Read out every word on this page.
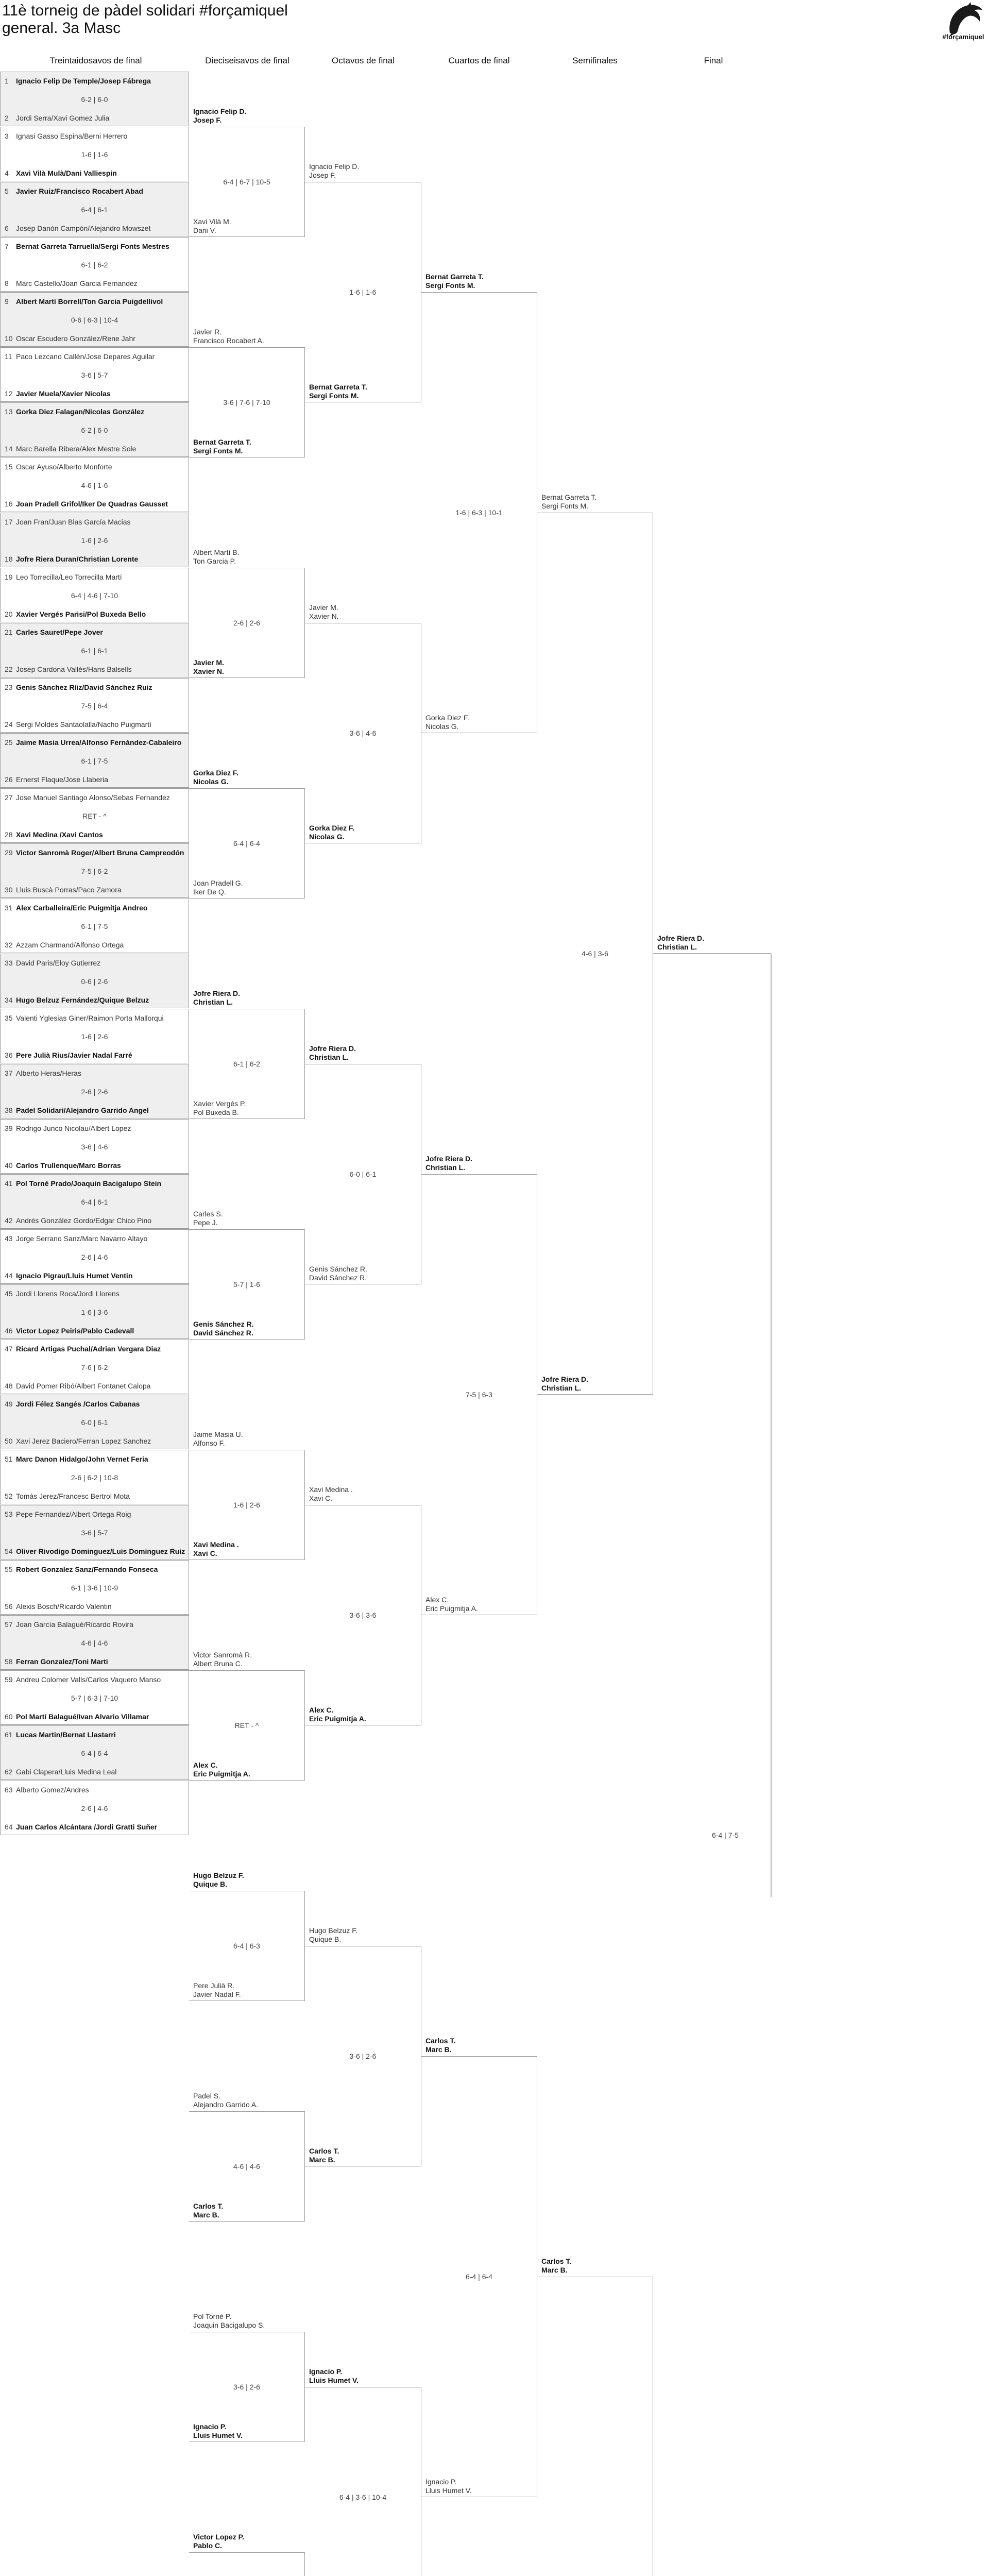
11è torneig de pàdel solidari #forçamiquel
general. 3a Masc
#forçamiquel
Treintaidosavos de final	Dieciseisavos de final	Octavos de final	Cuartos de final	Semifinales	Final
1 Ignacio Felip De Temple/Josep Fábrega
2 Jordi Serra/Xavi Gomez Julia
6-2 | 6-0
3 Ignasi Gasso Espina/Berni Herrero
4 Xavi Vilà Mulà/Dani Valliespin
1-6 | 1-6
5 Javier Ruiz/Francisco Rocabert Abad
6 Josep Danón Campón/Alejandro Mowszet
6-4 | 6-1
7 Bernat Garreta Tarruella/Sergi Fonts Mestres
8 Marc Castello/Joan Garcia Fernandez
6-1 | 6-2
9 Albert Martí Borrell/Ton Garcia Puigdellivol
10 Oscar Escudero González/Rene Jahr
0-6 | 6-3 | 10-4
11 Paco Lezcano Callén/Jose Depares Aguilar
12 Javier Muela/Xavier Nicolas
3-6 | 5-7
13 Gorka Diez Falagan/Nicolas González
14 Marc Barella Ribera/Alex Mestre Sole
6-2 | 6-0
15 Oscar Ayuso/Alberto Monforte
16 Joan Pradell Grifol/Iker De Quadras Gausset
4-6 | 1-6
17 Joan Fran/Juan Blas García Macias
18 Jofre Riera Duran/Christian Lorente
1-6 | 2-6
19 Leo Torrecilla/Leo Torrecilla Martí
20 Xavier Vergés Parisi/Pol Buxeda Bello
6-4 | 4-6 | 7-10
21 Carles Sauret/Pepe Jover
22 Josep Cardona Vallès/Hans Balsells
6-1 | 6-1
23 Genis Sánchez Ríiz/David Sánchez Ruiz
24 Sergi Moldes Santaolalla/Nacho Puigmartí
7-5 | 6-4
25 Jaime Masia Urrea/Alfonso Fernández-Cabaleiro
26 Ernerst Flaque/Jose Llaberia
6-1 | 7-5
27 Jose Manuel Santiago Alonso/Sebas Fernandez
28 Xavi Medina /Xavi Cantos
RET - ^
29 Victor Sanromà Roger/Albert Bruna Campreodón
30 Lluis Buscà Porras/Paco Zamora
7-5 | 6-2
31 Alex Carballeira/Eric Puigmitja Andreo
32 Azzam Charmand/Alfonso Ortega
6-1 | 7-5
33 David Paris/Eloy Gutierrez
34 Hugo Belzuz Fernández/Quique Belzuz
0-6 | 2-6
35 Valenti Yglesias Giner/Raimon Porta Mallorqui
36 Pere Julià Rius/Javier Nadal Farré
1-6 | 2-6
37 Alberto Heras/Heras
38 Padel Solidari/Alejandro Garrido Angel
2-6 | 2-6
39 Rodrigo Junco Nicolau/Albert Lopez
40 Carlos Trullenque/Marc Borras
3-6 | 4-6
41 Pol Torné Prado/Joaquin Bacigalupo Stein
42 Andrés González Gordo/Edgar Chico Pino
6-4 | 6-1
43 Jorge Serrano Sanz/Marc Navarro Altayo
44 Ignacio Pigrau/Lluis Humet Ventin
2-6 | 4-6
45 Jordi Llorens Roca/Jordi Llorens
46 Victor Lopez Peiris/Pablo Cadevall
1-6 | 3-6
47 Ricard Artigas Puchal/Adrian Vergara Diaz
48 David Pomer Ribó/Albert Fontanet Calopa
7-6 | 6-2
49 Jordi Félez Sangés /Carlos Cabanas
50 Xavi Jerez Baciero/Ferran Lopez Sanchez
6-0 | 6-1
51 Marc Danon Hidalgo/John Vernet Feria
52 Tomás Jerez/Francesc Bertrol Mota
2-6 | 6-2 | 10-8
53 Pepe Fernandez/Albert Ortega Roig
54 Oliver Rivodigo Dominguez/Luis Dominguez Ruiz
3-6 | 5-7
55 Robert Gonzalez Sanz/Fernando Fonseca
56 Alexis Bosch/Ricardo Valentin
6-1 | 3-6 | 10-9
57 Joan García Balagué/Ricardo Rovira
58 Ferran Gonzalez/Toni Marti
4-6 | 4-6
59 Andreu Colomer Valls/Carlos Vaquero Manso
60 Pol Martí Balagué/Ivan Alvario Villamar
5-7 | 6-3 | 7-10
61 Lucas Martin/Bernat Llastarri
62 Gabi Clapera/Lluis Medina Leal
6-4 | 6-4
63 Alberto Gomez/Andres
64 Juan Carlos Alcántara /Jordi Gratti Suñer
2-6 | 4-6
6-4 | 6-7 | 10-5
Ignacio Felip D.
Josep F.
Xavi Vilà M.
Dani V.
3-6 | 7-6 | 7-10
Javier R.
Francisco Rocabert A.
Bernat Garreta T.
Sergi Fonts M.
2-6 | 2-6
Albert Martí B.
Ton Garcia P.
Javier M.
Xavier N.
6-4 | 6-4
Gorka Diez F.
Nicolas G.
Joan Pradell G.
Iker De Q.
6-1 | 6-2
Jofre Riera D.
Christian L.
Xavier Vergés P.
Pol Buxeda B.
5-7 | 1-6
Carles S.
Pepe J.
Genis Sánchez R.
David Sánchez R.
1-6 | 2-6
Jaime Masia U.
Alfonso F.
Xavi Medina .
Xavi C.
RET - ^
Victor Sanromà R.
Albert Bruna C.
Alex C.
Eric Puigmitja A.
6-4 | 6-3
Hugo Belzuz F.
Quique B.
Pere Julià R.
Javier Nadal F.
4-6 | 4-6
Padel S.
Alejandro Garrido A.
Carlos T.
Marc B.
3-6 | 2-6
Pol Torné P.
Joaquin Bacigalupo S.
Ignacio P.
Lluis Humet V.
Victor Lopez P.
Pablo C.
1-6 | 1-6
Ignacio Felip D.
Josep F.
Bernat Garreta T.
Sergi Fonts M.
3-6 | 4-6
Javier M.
Xavier N.
Gorka Diez F.
Nicolas G.
6-0 | 6-1
Jofre Riera D.
Christian L.
Genis Sánchez R.
David Sánchez R.
3-6 | 3-6
Xavi Medina .
Xavi C.
Alex C.
Eric Puigmitja A.
3-6 | 2-6
Hugo Belzuz F.
Quique B.
Carlos T.
Marc B.
6-4 | 3-6 | 10-4
Ignacio P.
Lluis Humet V.
1-6 | 6-3 | 10-1
Bernat Garreta T.
Sergi Fonts M.
Gorka Diez F.
Nicolas G.
7-5 | 6-3
Jofre Riera D.
Christian L.
Alex C.
Eric Puigmitja A.
6-4 | 6-4
Carlos T.
Marc B.
Ignacio P.
Lluis Humet V.
4-6 | 3-6
Bernat Garreta T.
Sergi Fonts M.
Jofre Riera D.
Christian L.
Carlos T.
Marc B.
6-4 | 7-5
Jofre Riera D.
Christian L.
